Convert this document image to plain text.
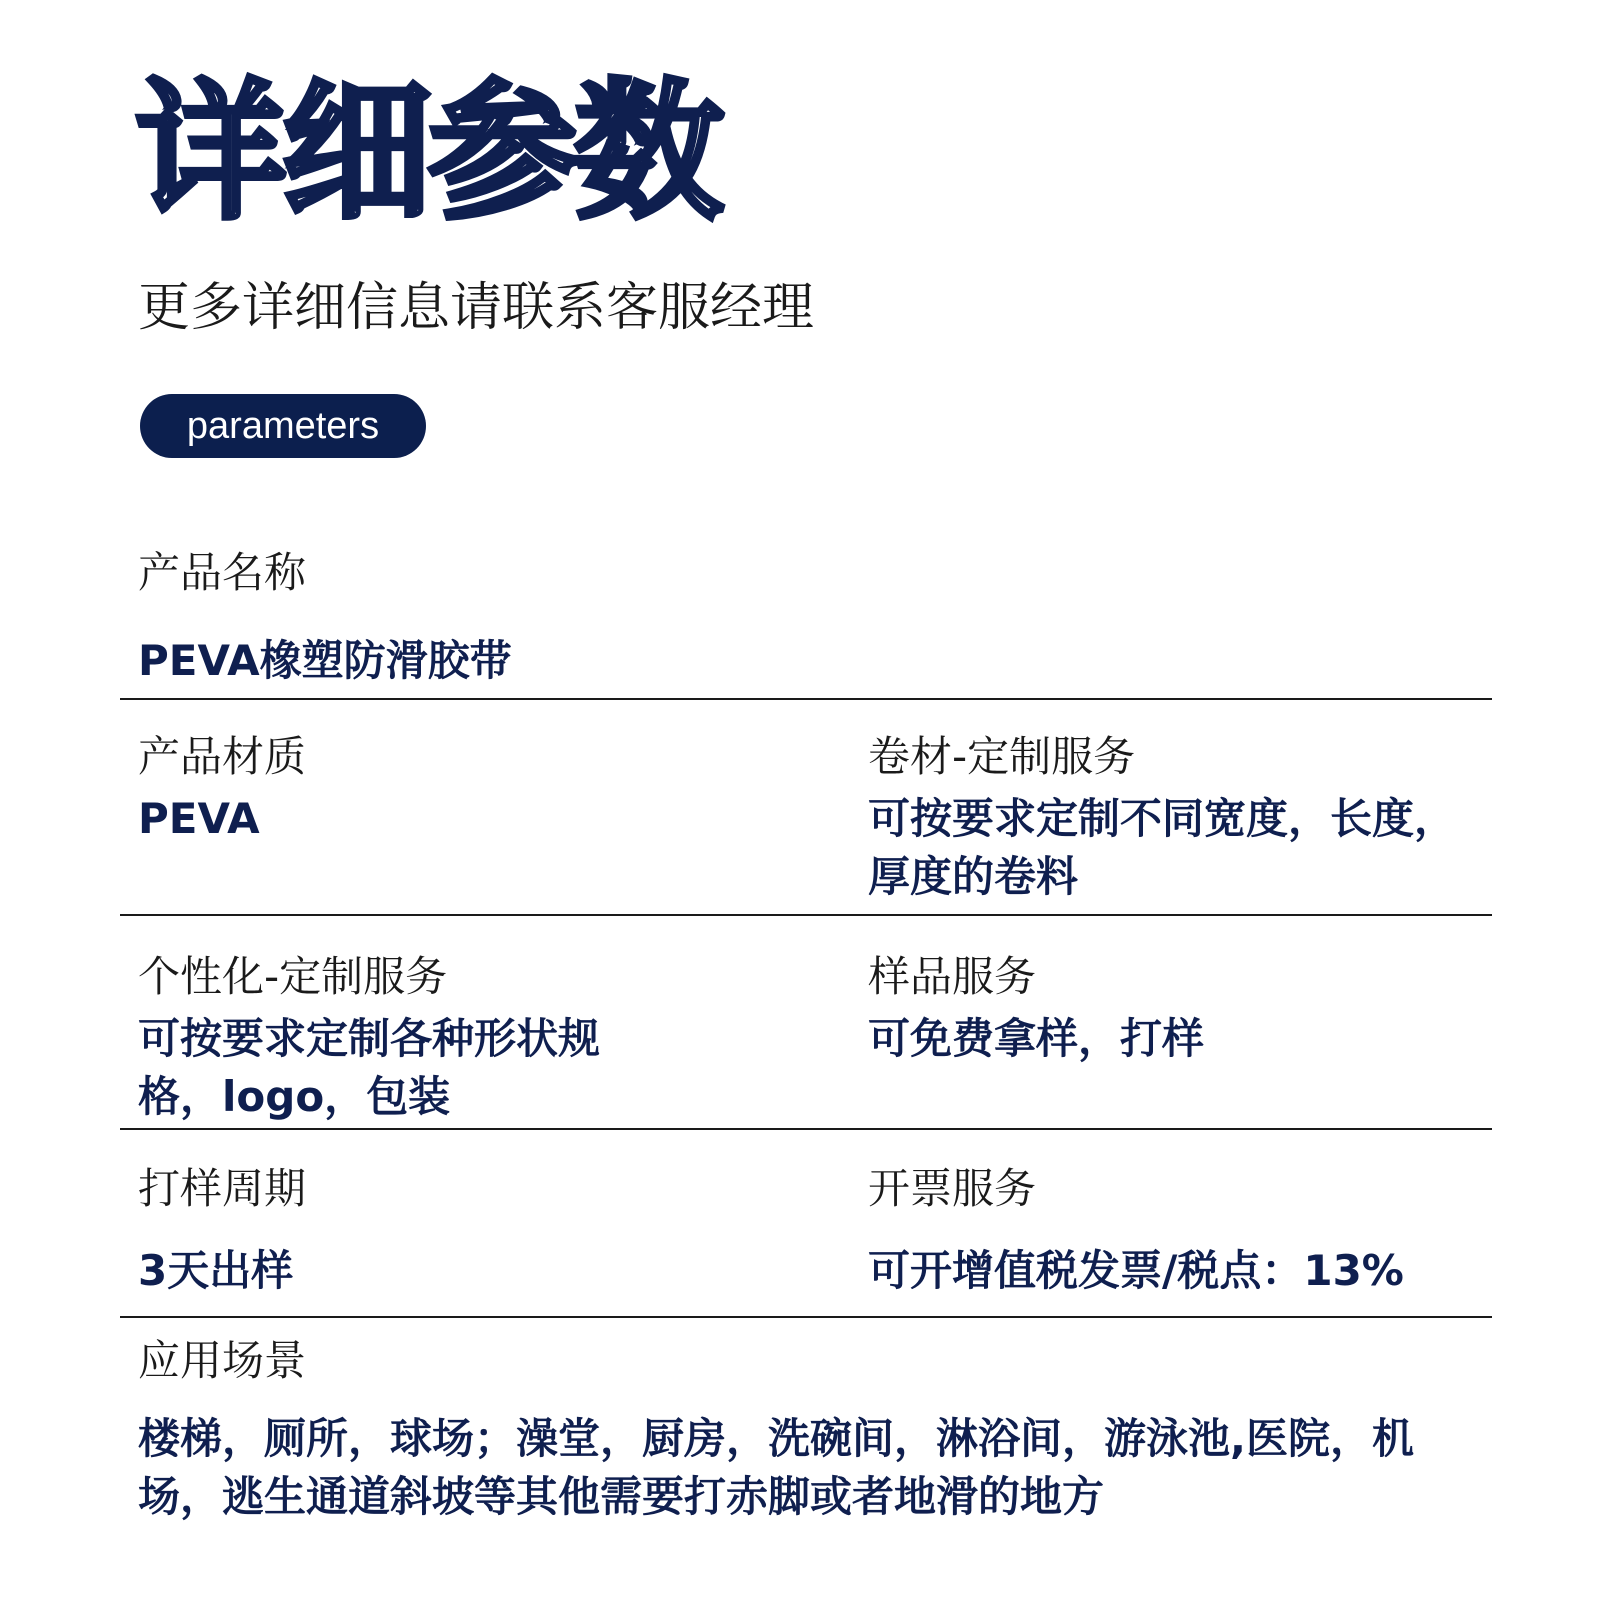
详细参数
更多详细信息请联系客服经理
parameters
产品名称
PEVA橡塑防滑胶带
产品材质
PEVA
卷材-定制服务
可按要求定制不同宽度，长度，厚度的卷料
个性化-定制服务
可按要求定制各种形状规格，logo，包装
样品服务
可免费拿样，打样
打样周期
3天出样
开票服务
可开增值税发票/税点：13%
应用场景
楼梯，厕所，球场；澡堂，厨房，洗碗间，淋浴间，游泳池,医院，机场，逃生通道斜坡等其他需要打赤脚或者地滑的地方
